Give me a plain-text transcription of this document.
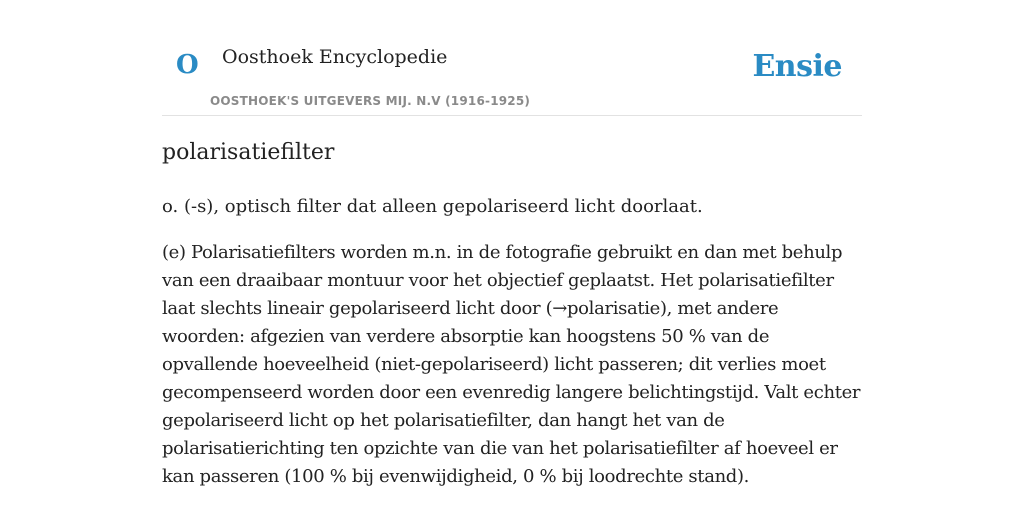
O Oosthoek Encyclopedie
OOSTHOEK'S UITGEVERS MIJ. N.V (1916-1925)
Ensie
polarisatiefilter

o. (-s), optisch filter dat alleen gepolariseerd licht doorlaat.

(e) Polarisatiefilters worden m.n. in de fotografie gebruikt en dan met behulp van een draaibaar montuur voor het objectief geplaatst. Het polarisatiefilter laat slechts lineair gepolariseerd licht door (→polarisatie), met andere woorden: afgezien van verdere absorptie kan hoogstens 50 % van de opvallende hoeveelheid (niet-gepolariseerd) licht passeren; dit verlies moet gecompenseerd worden door een evenredig langere belichtingstijd. Valt echter gepolariseerd licht op het polarisatiefilter, dan hangt het van de polarisatierichting ten opzichte van die van het polarisatiefilter af hoeveel er kan passeren (100 % bij evenwijdigheid, 0 % bij loodrechte stand).
